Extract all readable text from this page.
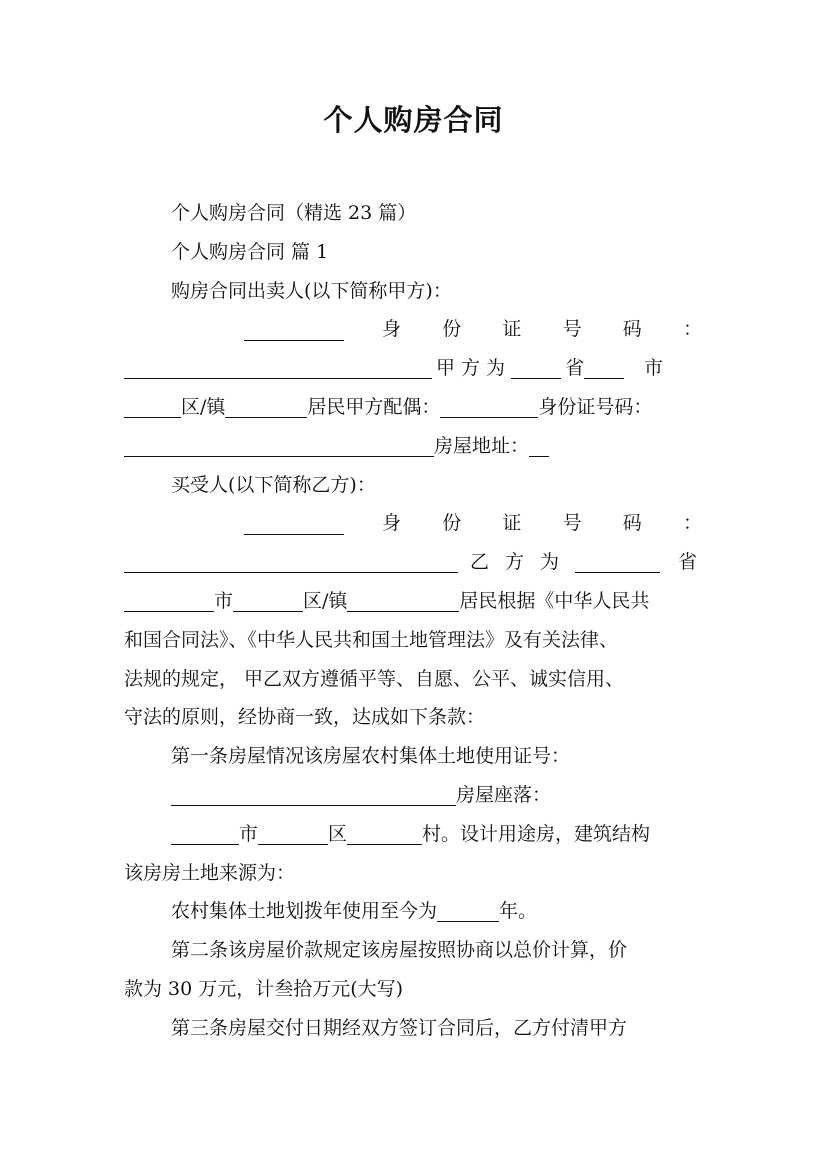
个人购房合同
个人购房合同（精选 23 篇）
个人购房合同 篇 1
购房合同出卖人(以下简称甲方)：
身份证号码：
甲方为	省	市
区/镇	居民甲方配偶：	身份证号码：
房屋地址：
买受人(以下简称乙方)：
身份证号码：
乙方为	省
市	区/镇	居民根据《中华人民共
和国合同法》、《中华人民共和国土地管理法》及有关法律、
法规的规定， 甲乙双方遵循平等、自愿、公平、诚实信用、
守法的原则，经协商一致，达成如下条款：
第一条房屋情况该房屋农村集体土地使用证号：
房屋座落：
市	区	村。设计用途房，建筑结构
该房房土地来源为：
农村集体土地划拨年使用至今为	年。
第二条该房屋价款规定该房屋按照协商以总价计算，价
款为 30 万元，计叁拾万元(大写)
第三条房屋交付日期经双方签订合同后，乙方付清甲方
